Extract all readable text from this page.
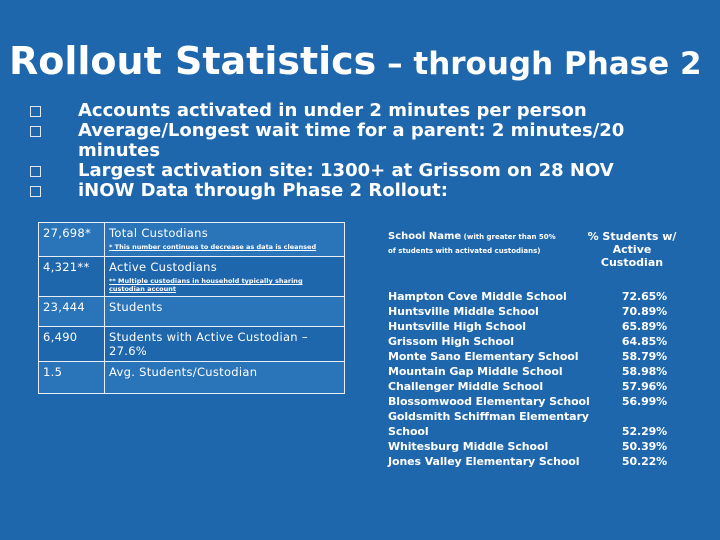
Rollout Statistics – through Phase 2
Accounts activated in under 2 minutes per person
Average/Longest wait time for a parent: 2 minutes/20 minutes
Largest activation site: 1300+ at Grissom on 28 NOV
iNOW Data through Phase 2 Rollout:
27,698*	Total Custodians
* This number continues to decrease as data is cleansed

4,321**	Active Custodians
** Multiple custodians in household typically sharing custodian account

23,444	Students
6,490	Students with Active Custodian – 27.6%
1.5	Avg. Students/Custodian
School Name (with greater than 50%
of students with activated custodians)
% Students w/ Active Custodian
Hampton Cove Middle School	72.65%
Huntsville Middle School	70.89%
Huntsville High School	65.89%
Grissom High School	64.85%
Monte Sano Elementary School	58.79%
Mountain Gap Middle School	58.98%
Challenger Middle School	57.96%
Blossomwood Elementary School	56.99%
Goldsmith Schiffman Elementary School	52.29%
Whitesburg Middle School	50.39%
Jones Valley Elementary School	50.22%
